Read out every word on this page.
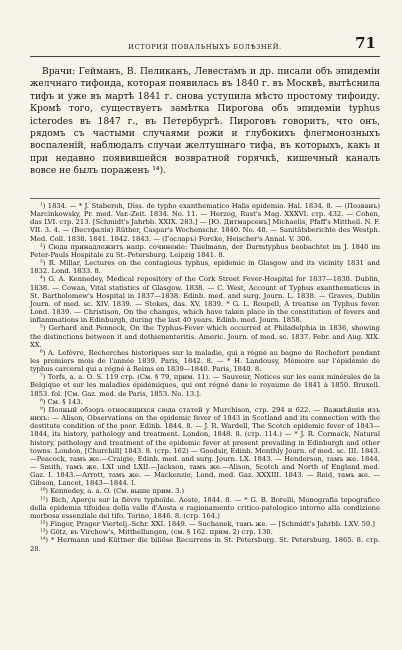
ИСТОРИЯ ПОВАЛЬНЫХЪ БОЛѢЗНЕЙ.	71

Врачи: Гейманъ, В. Пеликанъ, Левестамъ и др. писали объ эпидеміи желчнаго тифоида, которая появилась въ 1840 г. въ Москвѣ, вытѣснила тифъ и уже въ мартѣ 1841 г. снова уступила мѣсто простому тифоиду. Кромѣ того, существуетъ замѣтка Пирогова объ эпидеміи typhus icterodes въ 1847 г., въ Петербургѣ. Пироговъ говоритъ, что онъ, рядомъ съ частыми случаями рожи и глубокихъ флегмонозныхъ воспаленій, наблюдалъ случаи желтушнаго тифа, въ которыхъ, какъ и при недавно появившейся возвратной горячкѣ, кишечный каналъ вовсе не былъ пораженъ ¹⁴).

¹) 1834. — * J. Staberoh, Diss. de typho exanthematico Halis epidemio. Hal. 1834. 8. — (Позванъ) Marcinkowsky, Pr. med. Var.-Zeit. 1834. No. 11. — Herzog, Rust's Mag. XXXVI. стр. 432. — Cohen, das LVI. стр. 213. [Schmidt's Jahrbb. XXIX. 283.] — [Ю. Дитмарсенъ] Michaelis, Pfaff's Mittheil. N. F. VII. 3. 4. — (Вестфалія) Rüther, Caspar's Wochenschr. 1840. No. 40. — Sanitätsberichte des Westph. Med. Coll. 1838. 1841. 1842. 1843. — (Госларъ) Forcke, Heischer's Annal. V. 306.

²) Сюда принадлежитъ напр. сочиненіе: Thielmann, der Darmtyphus beobachtet im J. 1840 im Peter-Pauls Hospitale zu St.-Petersburg. Leipzig 1841. 8.

³) R. Millar, Lectures on the contagious typhus, epidemic in Glasgow and its vicinity 1831 and 1832. Lond. 1833. 8.

⁴) G. A. Kennedey, Medical repository of the Cork Street Fever-Hospital for 1837—1838. Dublin, 1838. — Cowan, Vital statistics of Glasgow. 1838. — C. West, Account of Typhus exanthematicus in St. Bartholomew's Hospital in 1837—1838. Edinb. med. and surg. Journ. L. 1838. — Graves, Dublin Journ. of med. sc. XIV. 1839. — Stokes, das. XV. 1839. * G. L. Roupell, A treatise on Typhus fever. Lond. 1839. — Christison, On the changes, which have taken place in the constitution of fevers and inflammations in Edinburgh, during the last 40 years. Edinb. med. Journ. 1858.

⁵) Gerhard and Pennock, On the Typhus-Fever which occurred at Philadelphia in 1836, showing the distinctions between it and dothienenteritis. Americ. Journ. of med. sc. 1837. Febr. and Aug. XIX. XX.

⁶) A. Lefèvre, Recherches historiques sur la maladie, qui a régné au bagne de Rochefort pendant les premiers mois de l'année 1839. Paris, 1842. 8. — * H. Landousy, Mémoire sur l'épidémie de typhus carceral qui a régné à Reims en 1839—1840. Paris, 1840. 8.

⁷) Torfs, a. a. O. S. 119 стр. (См. § 79, прим. 11). — Sauveur, Notices sur les eaux minérales de la Belgique et sur les maladies épidémiques, qui ont régné dans le royaume de 1841 à 1850. Bruxell. 1853. fol. [См. Gaz. med. de Paris, 1853. No. 13.].

⁸) См. § 143.

⁹) Полный обзоръ относящихся сюда статей у Murchison, стр. 294 и 622. — Важнѣйшія изъ нихъ: — Alison, Observations on the epidemic fever of 1843 in Scotland and its connection with the destitute condition of the poor. Edinb. 1844. 8. — J. R. Wardell, The Scotch epidemic fever of 1843—1844, its history, pathology and treatment. London, 1848. 8. (стр. 114.) — * J. R. Cormack, Natural history, pathology and treatment of the epidemic fever at present prevailing in Edinburgh and other towns. London, [Churchill] 1843. 8. (стр. 162) — Goodsir, Edinb. Monthly Journ. of med. sc. III. 1843.—Peacock, тамъ же.—Craigie, Edinb. med. and surg. Journ. LX. 1843. — Henderson, тамъ же. 1844. — Smith, тамъ же. LXI und LXII.—Jackson, тамъ же.—Alison, Scotch and North of England med. Gaz. I. 1843.—Arrott, тамъ же. — Mackenzie, Lond. med. Gaz. XXXIII. 1843. — Reid, тамъ же. — Gibson, Lancet, 1843—1844. I.

¹⁰) Kennedey, a. a. O. (См. выше прим. 3.)

¹¹) Bich, Aperçu sur la fièvre typhoïde. Aoste, 1844. 8. — * G. B. Borelli, Monografia topografico della epidemia tifoidea della valle d'Aosta e ragionamento critico-patologico intorno alla condizione morbosa essenziale del tifo. Torino, 1846. 8. (стр. 164.)

¹²) Finger, Prager Viertelj.-Schr. XXI. 1849. — Suchanek, тамъ же. — [Schmidt's Jahrbb. LXV. 59.]

¹³) Götz, въ Virchow's, Mitthellungen, (см. § 162. прим. 2) стр. 130.

¹⁴) * Hermann und Küttner die biliöse Recurrens in St. Petersburg. St. Petersburg. 1865. 8. стр. 28.
